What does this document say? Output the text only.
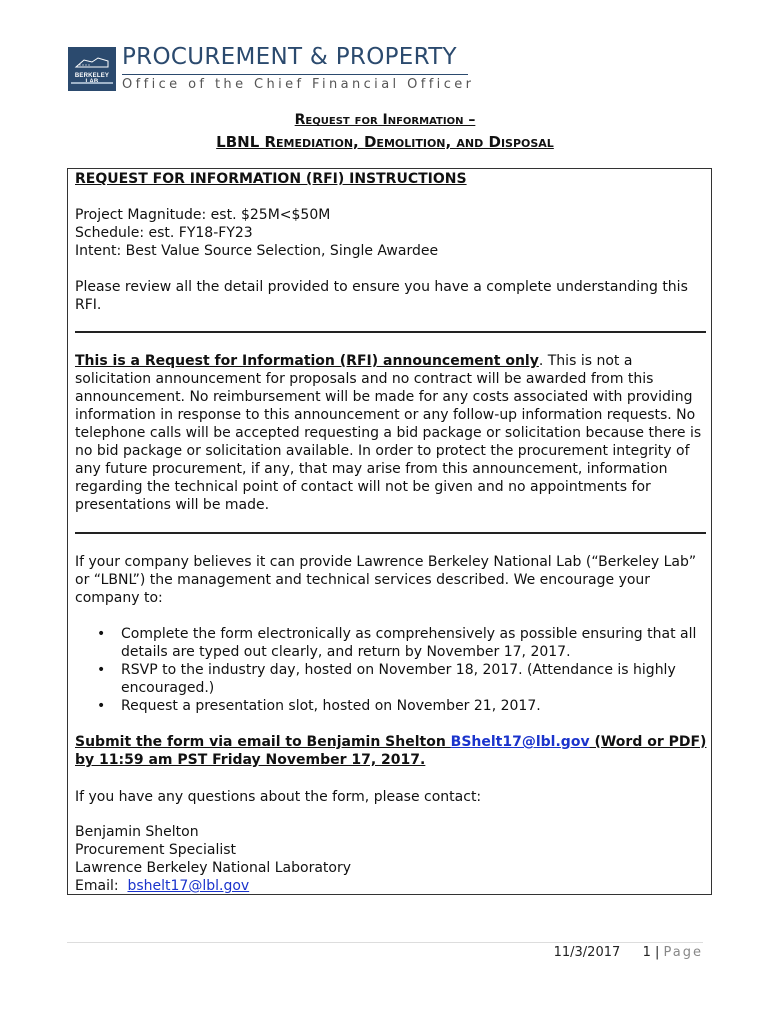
BERKELEY
PROCUREMENT & PROPERTY
Office of the Chief Financial Officer
Request for Information –
LBNL Remediation, Demolition, and Disposal
REQUEST FOR INFORMATION (RFI) INSTRUCTIONS
Project Magnitude: est. $25M<$50M
Schedule: est. FY18-FY23
Intent: Best Value Source Selection, Single Awardee
Please review all the detail provided to ensure you have a complete understanding this RFI.
This is a Request for Information (RFI) announcement only. This is not a solicitation announcement for proposals and no contract will be awarded from this announcement. No reimbursement will be made for any costs associated with providing information in response to this announcement or any follow-up information requests. No telephone calls will be accepted requesting a bid package or solicitation because there is no bid package or solicitation available. In order to protect the procurement integrity of any future procurement, if any, that may arise from this announcement, information regarding the technical point of contact will not be given and no appointments for presentations will be made.
If your company believes it can provide Lawrence Berkeley National Lab (“Berkeley Lab” or “LBNL”) the management and technical services described. We encourage your company to:
• Complete the form electronically as comprehensively as possible ensuring that all details are typed out clearly, and return by November 17, 2017.
• RSVP to the industry day, hosted on November 18, 2017. (Attendance is highly encouraged.)
• Request a presentation slot, hosted on November 21, 2017.
Submit the form via email to Benjamin Shelton BShelt17@lbl.gov (Word or PDF) by 11:59 am PST Friday November 17, 2017.
If you have any questions about the form, please contact:
Benjamin Shelton
Procurement Specialist
Lawrence Berkeley National Laboratory
Email:  bshelt17@lbl.gov
11/3/2017 1 | Page
